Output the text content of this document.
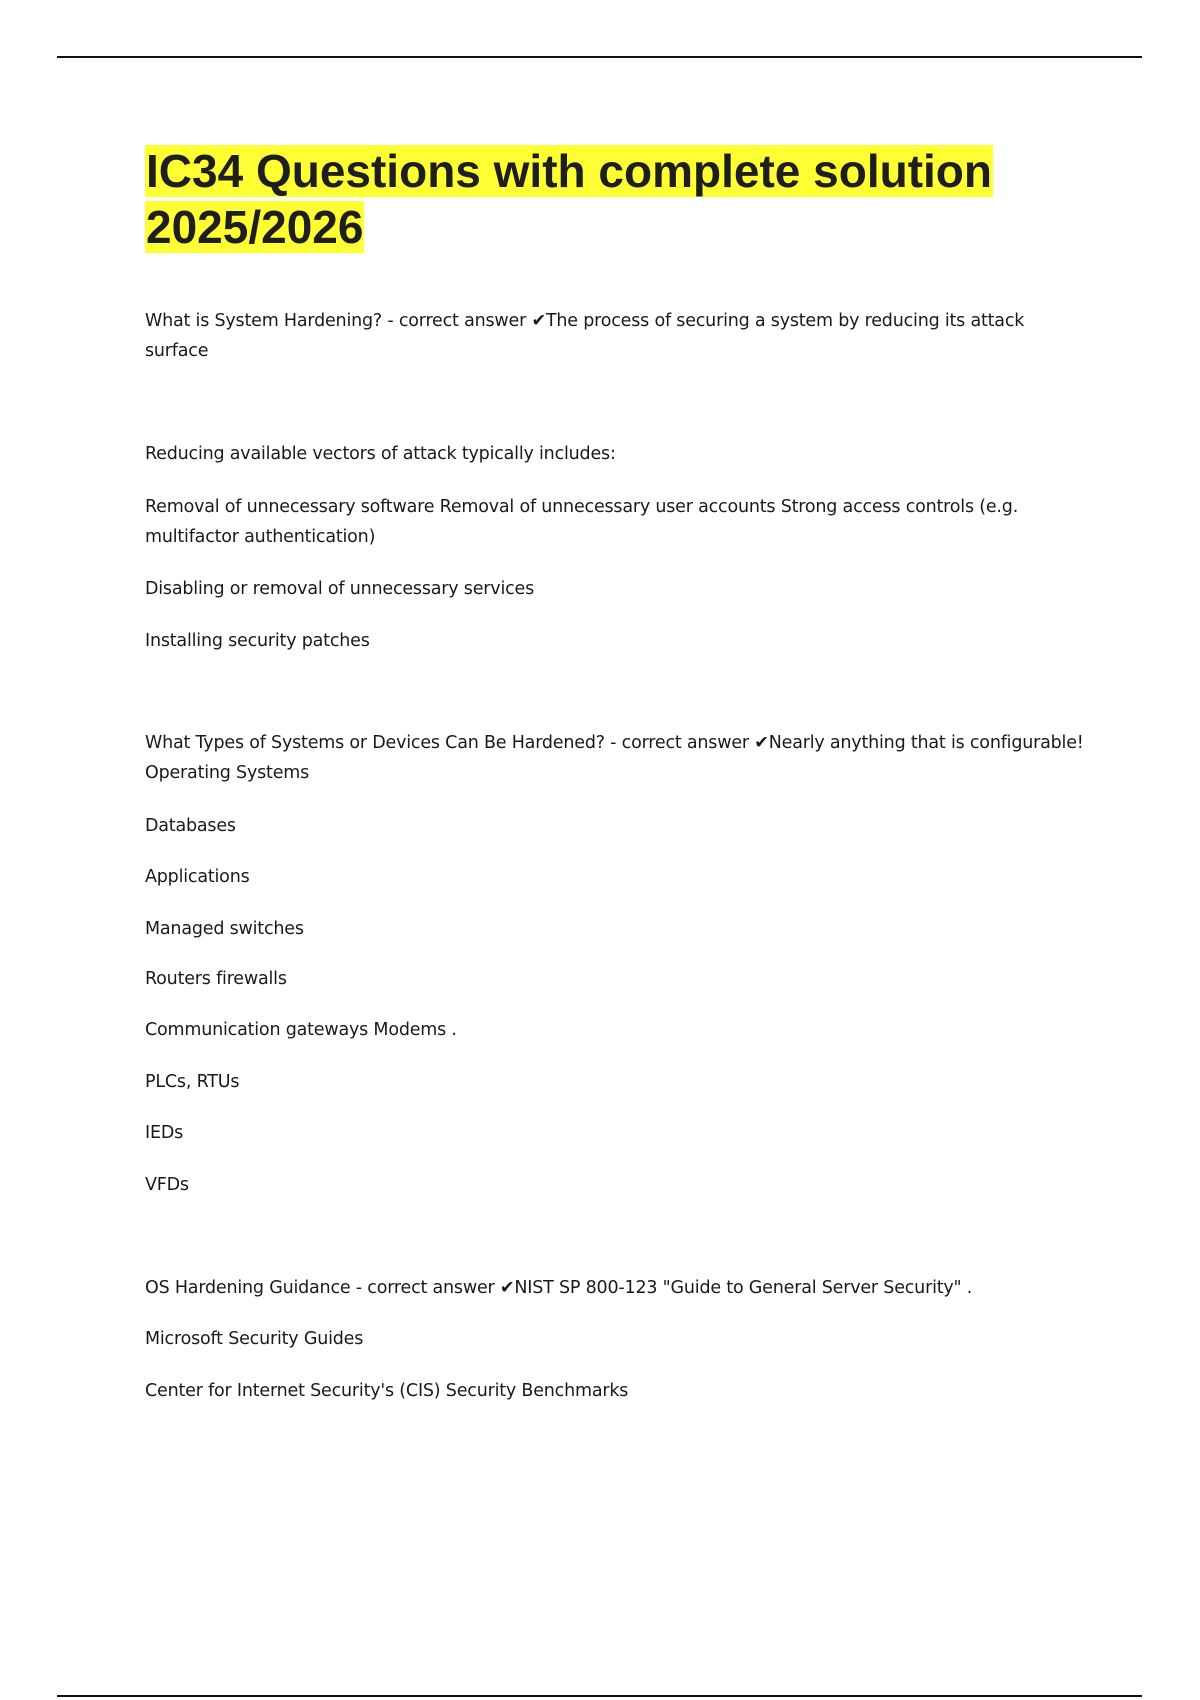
IC34 Questions with complete solution 2025/2026

What is System Hardening? - correct answer ✔The process of securing a system by reducing its attack surface

Reducing available vectors of attack typically includes:

Removal of unnecessary software Removal of unnecessary user accounts Strong access controls (e.g. multifactor authentication)

Disabling or removal of unnecessary services

Installing security patches

What Types of Systems or Devices Can Be Hardened? - correct answer ✔Nearly anything that is configurable! Operating Systems

Databases

Applications

Managed switches

Routers firewalls

Communication gateways Modems .

PLCs, RTUs

IEDs

VFDs

OS Hardening Guidance - correct answer ✔NIST SP 800-123 "Guide to General Server Security" .

Microsoft Security Guides

Center for Internet Security's (CIS) Security Benchmarks
